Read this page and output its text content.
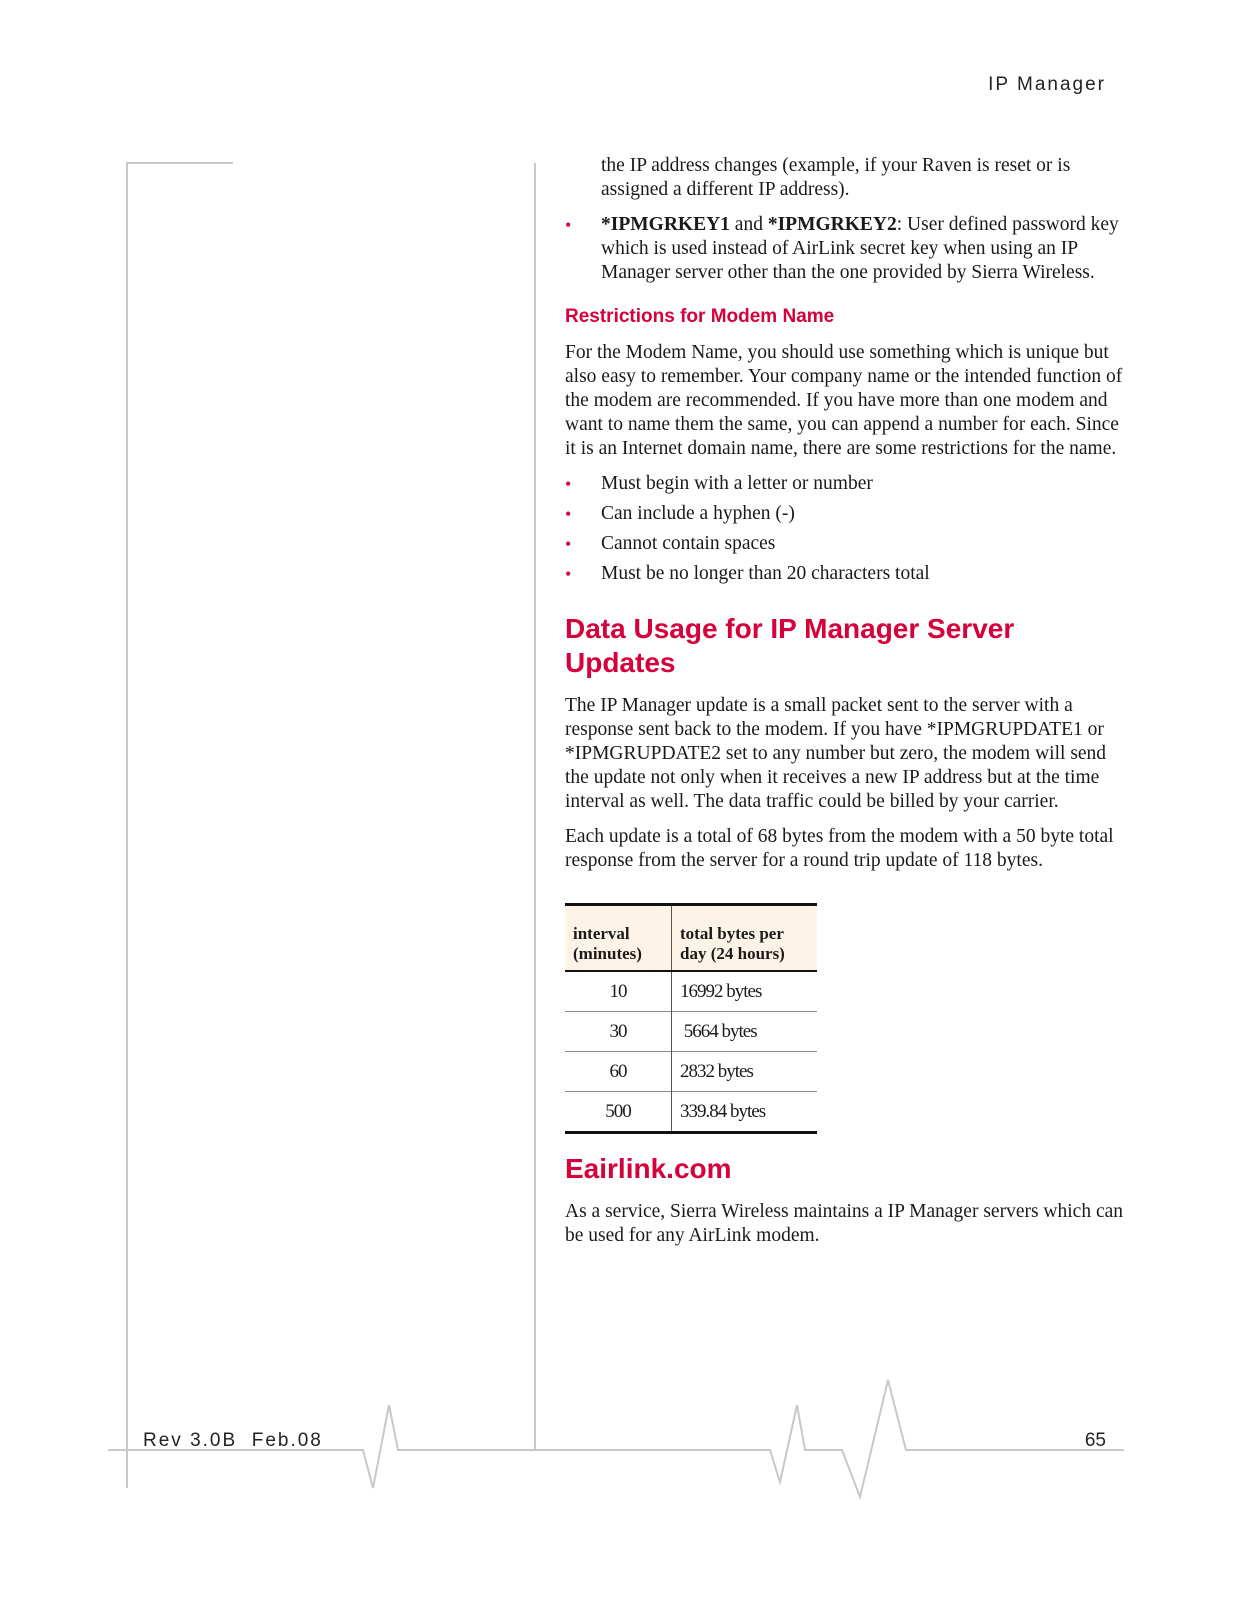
IP Manager

the IP address changes (example, if your Raven is reset or is assigned a different IP address).

• *IPMGRKEY1 and *IPMGRKEY2: User defined password key which is used instead of AirLink secret key when using an IP Manager server other than the one provided by Sierra Wireless.
Restrictions for Modem Name

For the Modem Name, you should use something which is unique but also easy to remember. Your company name or the intended function of the modem are recommended. If you have more than one modem and want to name them the same, you can append a number for each. Since it is an Internet domain name, there are some restrictions for the name.

• Must begin with a letter or number
• Can include a hyphen (-)
• Cannot contain spaces
• Must be no longer than 20 characters total
Data Usage for IP Manager Server Updates

The IP Manager update is a small packet sent to the server with a response sent back to the modem. If you have *IPMGRUPDATE1 or *IPMGRUPDATE2 set to any number but zero, the modem will send the update not only when it receives a new IP address but at the time interval as well. The data traffic could be billed by your carrier.

Each update is a total of 68 bytes from the modem with a 50 byte total response from the server for a round trip update of 118 bytes.

interval (minutes)	total bytes per day (24 hours)
10	16992 bytes
30	5664 bytes
60	2832 bytes
500	339.84 bytes
Eairlink.com

As a service, Sierra Wireless maintains a IP Manager servers which can be used for any AirLink modem.

Rev 3.0B  Feb.08	65
